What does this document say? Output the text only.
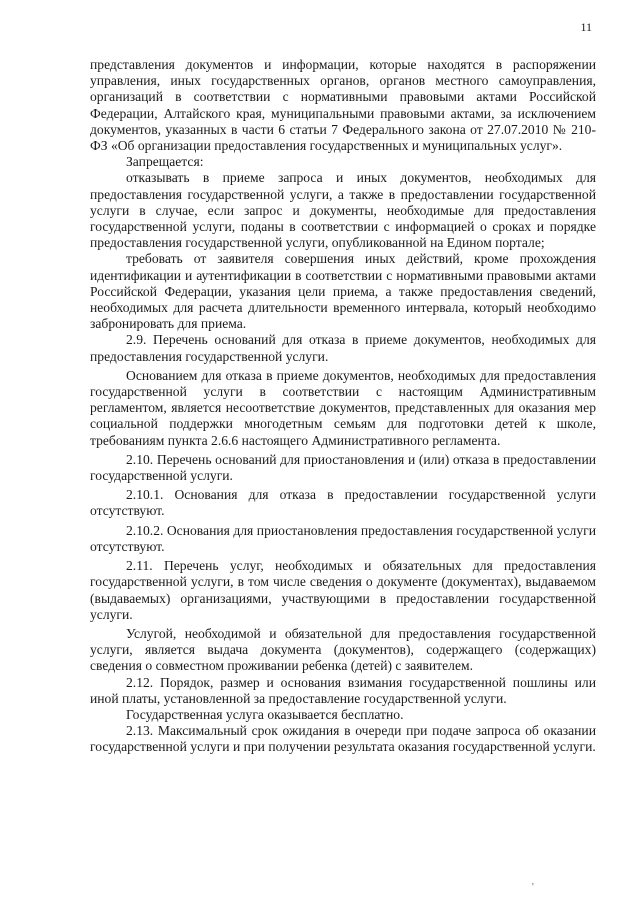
11

представления документов и информации, которые находятся в распоряжении управления, иных государственных органов, органов местного самоуправления, организаций в соответствии с нормативными правовыми актами Российской Федерации, Алтайского края, муниципальными правовыми актами, за исключением документов, указанных в части 6 статьи 7 Федерального закона от 27.07.2010 № 210-ФЗ «Об организации предоставления государственных и муниципальных услуг».

Запрещается:

отказывать в приеме запроса и иных документов, необходимых для предоставления государственной услуги, а также в предоставлении государственной услуги в случае, если запрос и документы, необходимые для предоставления государственной услуги, поданы в соответствии с информацией о сроках и порядке предоставления государственной услуги, опубликованной на Едином портале;

требовать от заявителя совершения иных действий, кроме прохождения идентификации и аутентификации в соответствии с нормативными правовыми актами Российской Федерации, указания цели приема, а также предоставления сведений, необходимых для расчета длительности временного интервала, который необходимо забронировать для приема.

2.9. Перечень оснований для отказа в приеме документов, необходимых для предоставления государственной услуги.

Основанием для отказа в приеме документов, необходимых для предоставления государственной услуги в соответствии с настоящим Административным регламентом, является несоответствие документов, представленных для оказания мер социальной поддержки многодетным семьям для подготовки детей к школе, требованиям пункта 2.6.6 настоящего Административного регламента.

2.10. Перечень оснований для приостановления и (или) отказа в предоставлении государственной услуги.

2.10.1. Основания для отказа в предоставлении государственной услуги отсутствуют.

2.10.2. Основания для приостановления предоставления государственной услуги отсутствуют.

2.11. Перечень услуг, необходимых и обязательных для предоставления государственной услуги, в том числе сведения о документе (документах), выдаваемом (выдаваемых) организациями, участвующими в предоставлении государственной услуги.

Услугой, необходимой и обязательной для предоставления государственной услуги, является выдача документа (документов), содержащего (содержащих) сведения о совместном проживании ребенка (детей) с заявителем.

2.12. Порядок, размер и основания взимания государственной пошлины или иной платы, установленной за предоставление государственной услуги.

Государственная услуга оказывается бесплатно.

2.13. Максимальный срок ожидания в очереди при подаче запроса об оказании государственной услуги и при получении результата оказания государственной услуги.

'
